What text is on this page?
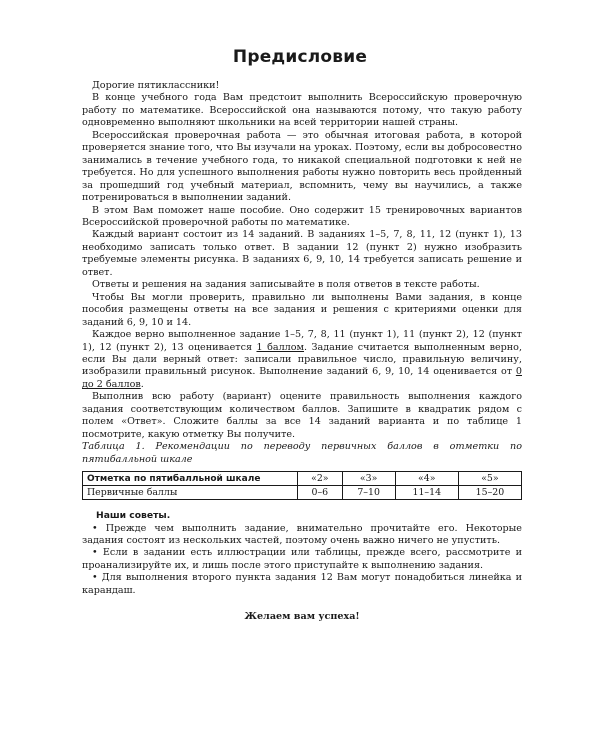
Предисловие

Дорогие пятиклассники!

В конце учебного года Вам предстоит выполнить Всероссийскую проверочную работу по математике. Всероссийской она называются потому, что такую работу одновременно выполняют школьники на всей территории нашей страны.

Всероссийская проверочная работа — это обычная итоговая работа, в которой проверяется знание того, что Вы изучали на уроках. Поэтому, если вы добросовестно занимались в течение учебного года, то никакой специальной подготовки к ней не требуется. Но для успешного выполнения работы нужно повторить весь пройденный за прошедший год учебный материал, вспомнить, чему вы научились, а также потренироваться в выполнении заданий.

В этом Вам поможет наше пособие. Оно содержит 15 тренировочных вариантов Всероссийской проверочной работы по математике.

Каждый вариант состоит из 14 заданий. В заданиях 1–5, 7, 8, 11, 12 (пункт 1), 13 необходимо записать только ответ. В задании 12 (пункт 2) нужно изобразить требуемые элементы рисунка. В заданиях 6, 9, 10, 14 требуется записать решение и ответ.

Ответы и решения на задания записывайте в поля ответов в тексте работы.

Чтобы Вы могли проверить, правильно ли выполнены Вами задания, в конце пособия размещены ответы на все задания и решения с критериями оценки для заданий 6, 9, 10 и 14.

Каждое верно выполненное задание 1–5, 7, 8, 11 (пункт 1), 11 (пункт 2), 12 (пункт 1), 12 (пункт 2), 13 оценивается 1 баллом. Задание считается выполненным верно, если Вы дали верный ответ: записали правильное число, правильную величину, изобразили правильный рисунок. Выполнение заданий 6, 9, 10, 14 оценивается от 0 до 2 баллов.

Выполнив всю работу (вариант) оцените правильность выполнения каждого задания соответствующим количеством баллов. Запишите в квадратик рядом с полем «Ответ». Сложите баллы за все 14 заданий варианта и по таблице 1 посмотрите, какую отметку Вы получите.

Таблица 1. Рекомендации по переводу первичных баллов в отметки по пятибалльной шкале

Отметка по пятибалльной шкале	«2»	«3»	«4»	«5»
Первичные баллы	0–6	7–10	11–14	15–20

Наши советы.

• Прежде чем выполнить задание, внимательно прочитайте его. Некоторые задания состоят из нескольких частей, поэтому очень важно ничего не упустить.

• Если в задании есть иллюстрации или таблицы, прежде всего, рассмотрите и проанализируйте их, и лишь после этого приступайте к выполнению задания.

• Для выполнения второго пункта задания 12 Вам могут понадобиться линейка и карандаш.

Желаем вам успеха!
